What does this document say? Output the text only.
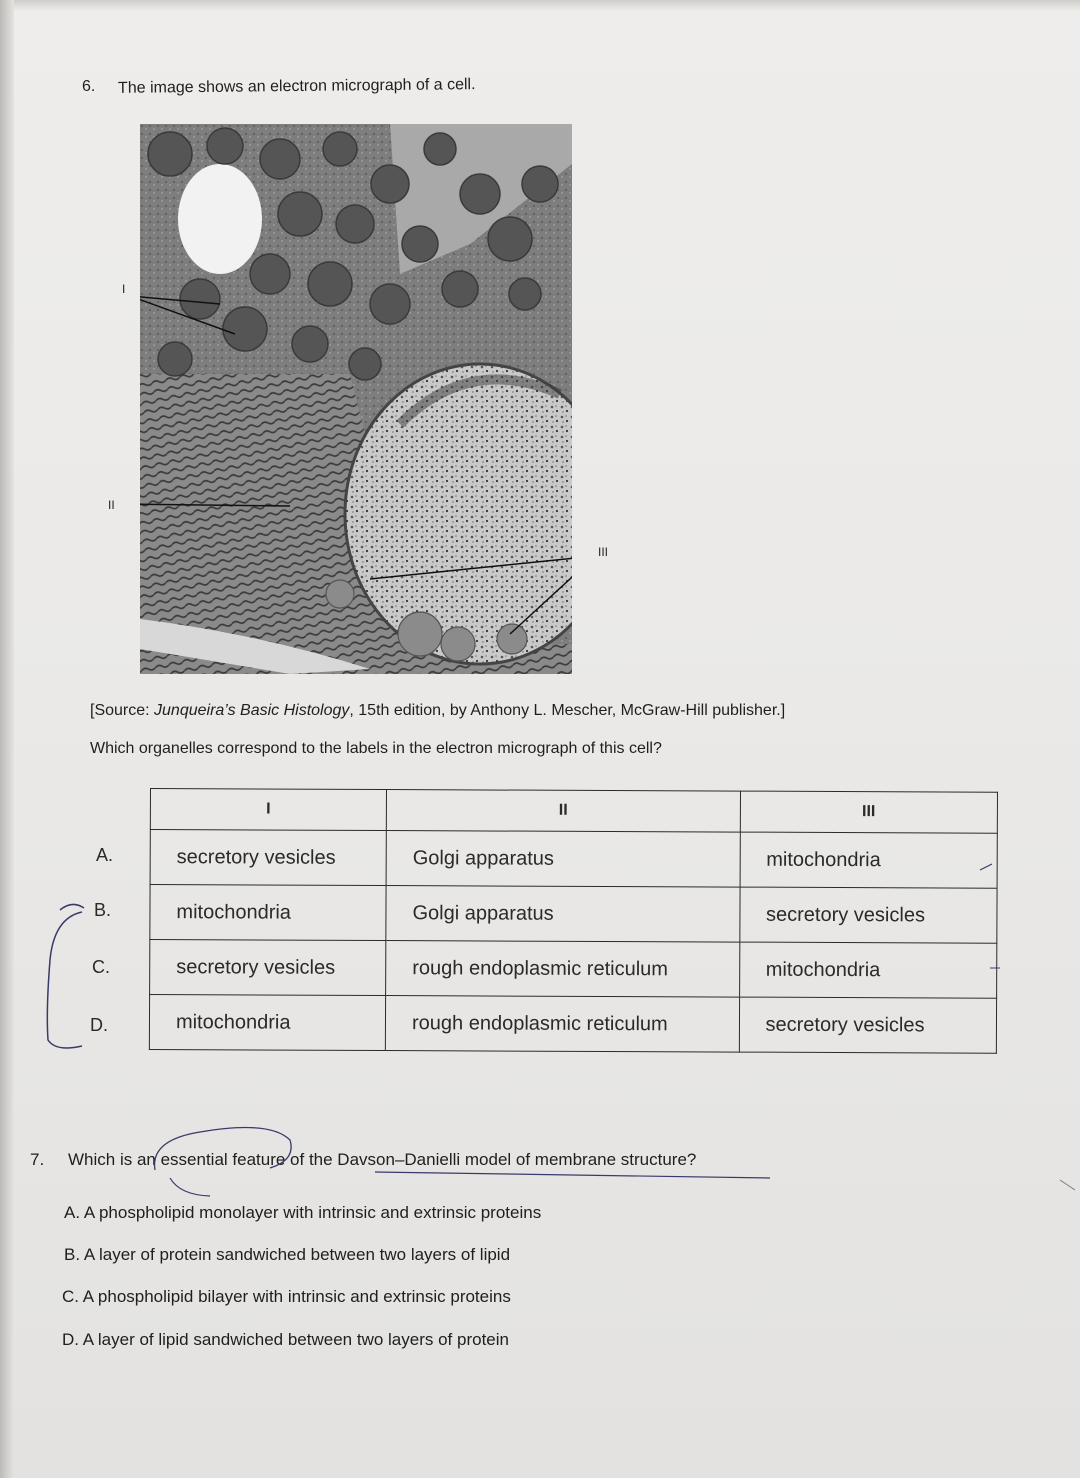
6. The image shows an electron micrograph of a cell.
I
II
III
[Source: Junqueira’s Basic Histology, 15th edition, by Anthony L. Mescher, McGraw-Hill publisher.]
Which organelles correspond to the labels in the electron micrograph of this cell?
I	II	III
secretory vesicles	Golgi apparatus	mitochondria
mitochondria	Golgi apparatus	secretory vesicles
secretory vesicles	rough endoplasmic reticulum	mitochondria
mitochondria	rough endoplasmic reticulum	secretory vesicles
A.
B.
C.
D.
7. Which is an essential feature of the Davson–Danielli model of membrane structure?
A. A phospholipid monolayer with intrinsic and extrinsic proteins
B. A layer of protein sandwiched between two layers of lipid
C. A phospholipid bilayer with intrinsic and extrinsic proteins
D. A layer of lipid sandwiched between two layers of protein
